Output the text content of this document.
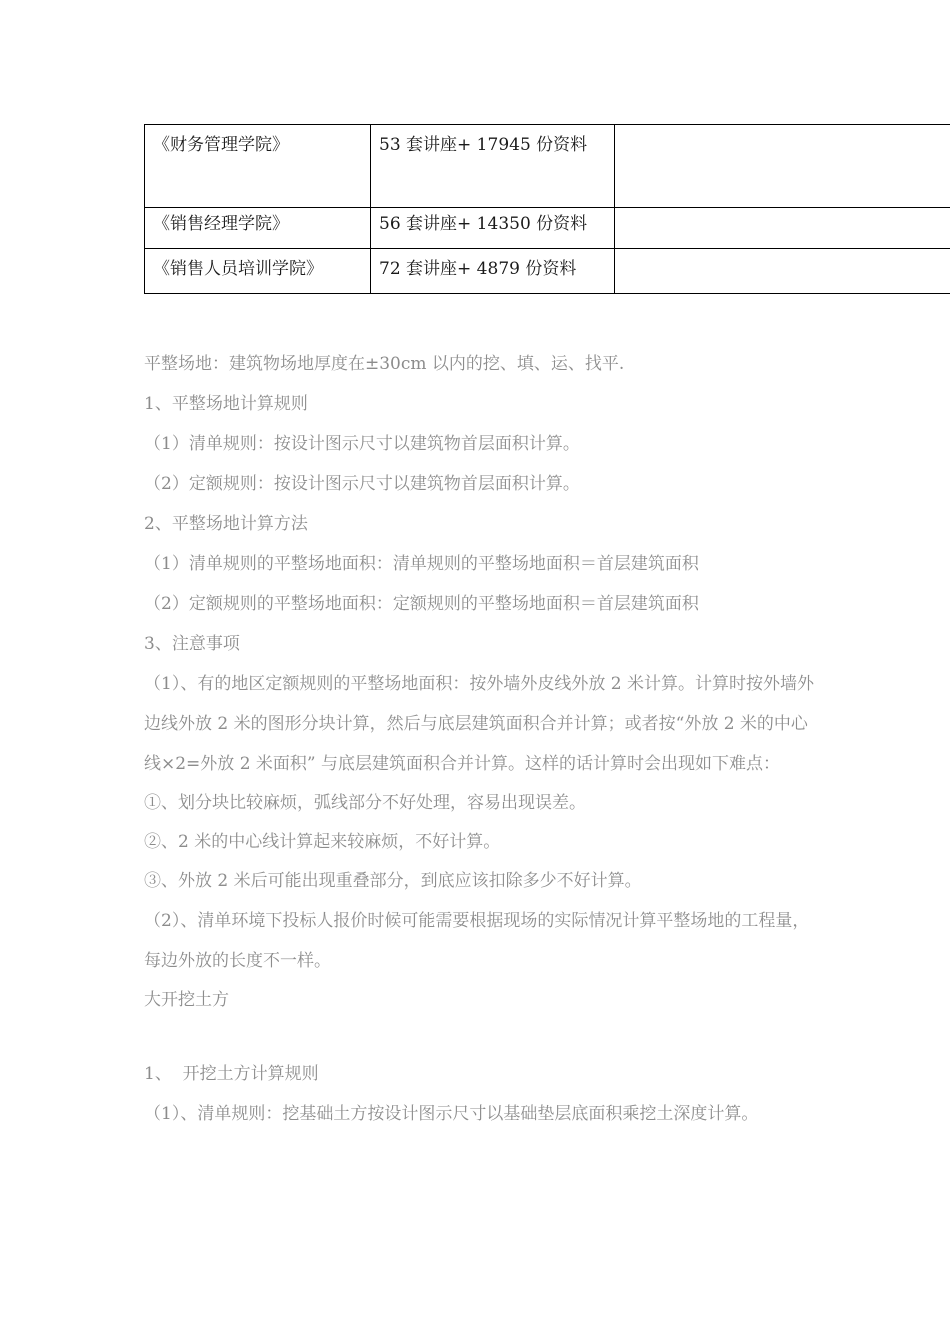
《财务管理学院》	53 套讲座+ 17945 份资料	
《销售经理学院》	56 套讲座+ 14350 份资料	
《销售人员培训学院》	72 套讲座+ 4879 份资料	

平整场地：建筑物场地厚度在±30cm 以内的挖、填、运、找平.

1、平整场地计算规则

（1）清单规则：按设计图示尺寸以建筑物首层面积计算。

（2）定额规则：按设计图示尺寸以建筑物首层面积计算。

2、平整场地计算方法

（1）清单规则的平整场地面积：清单规则的平整场地面积＝首层建筑面积

（2）定额规则的平整场地面积：定额规则的平整场地面积＝首层建筑面积

3、注意事项

（1）、有的地区定额规则的平整场地面积：按外墙外皮线外放 2 米计算。计算时按外墙外边线外放 2 米的图形分块计算，然后与底层建筑面积合并计算；或者按“外放 2 米的中心线×2=外放 2 米面积” 与底层建筑面积合并计算。这样的话计算时会出现如下难点：

①、划分块比较麻烦，弧线部分不好处理，容易出现误差。

②、2 米的中心线计算起来较麻烦，不好计算。

③、外放 2 米后可能出现重叠部分，到底应该扣除多少不好计算。

（2）、清单环境下投标人报价时候可能需要根据现场的实际情况计算平整场地的工程量，每边外放的长度不一样。

大开挖土方

1、  开挖土方计算规则

（1）、清单规则：挖基础土方按设计图示尺寸以基础垫层底面积乘挖土深度计算。
